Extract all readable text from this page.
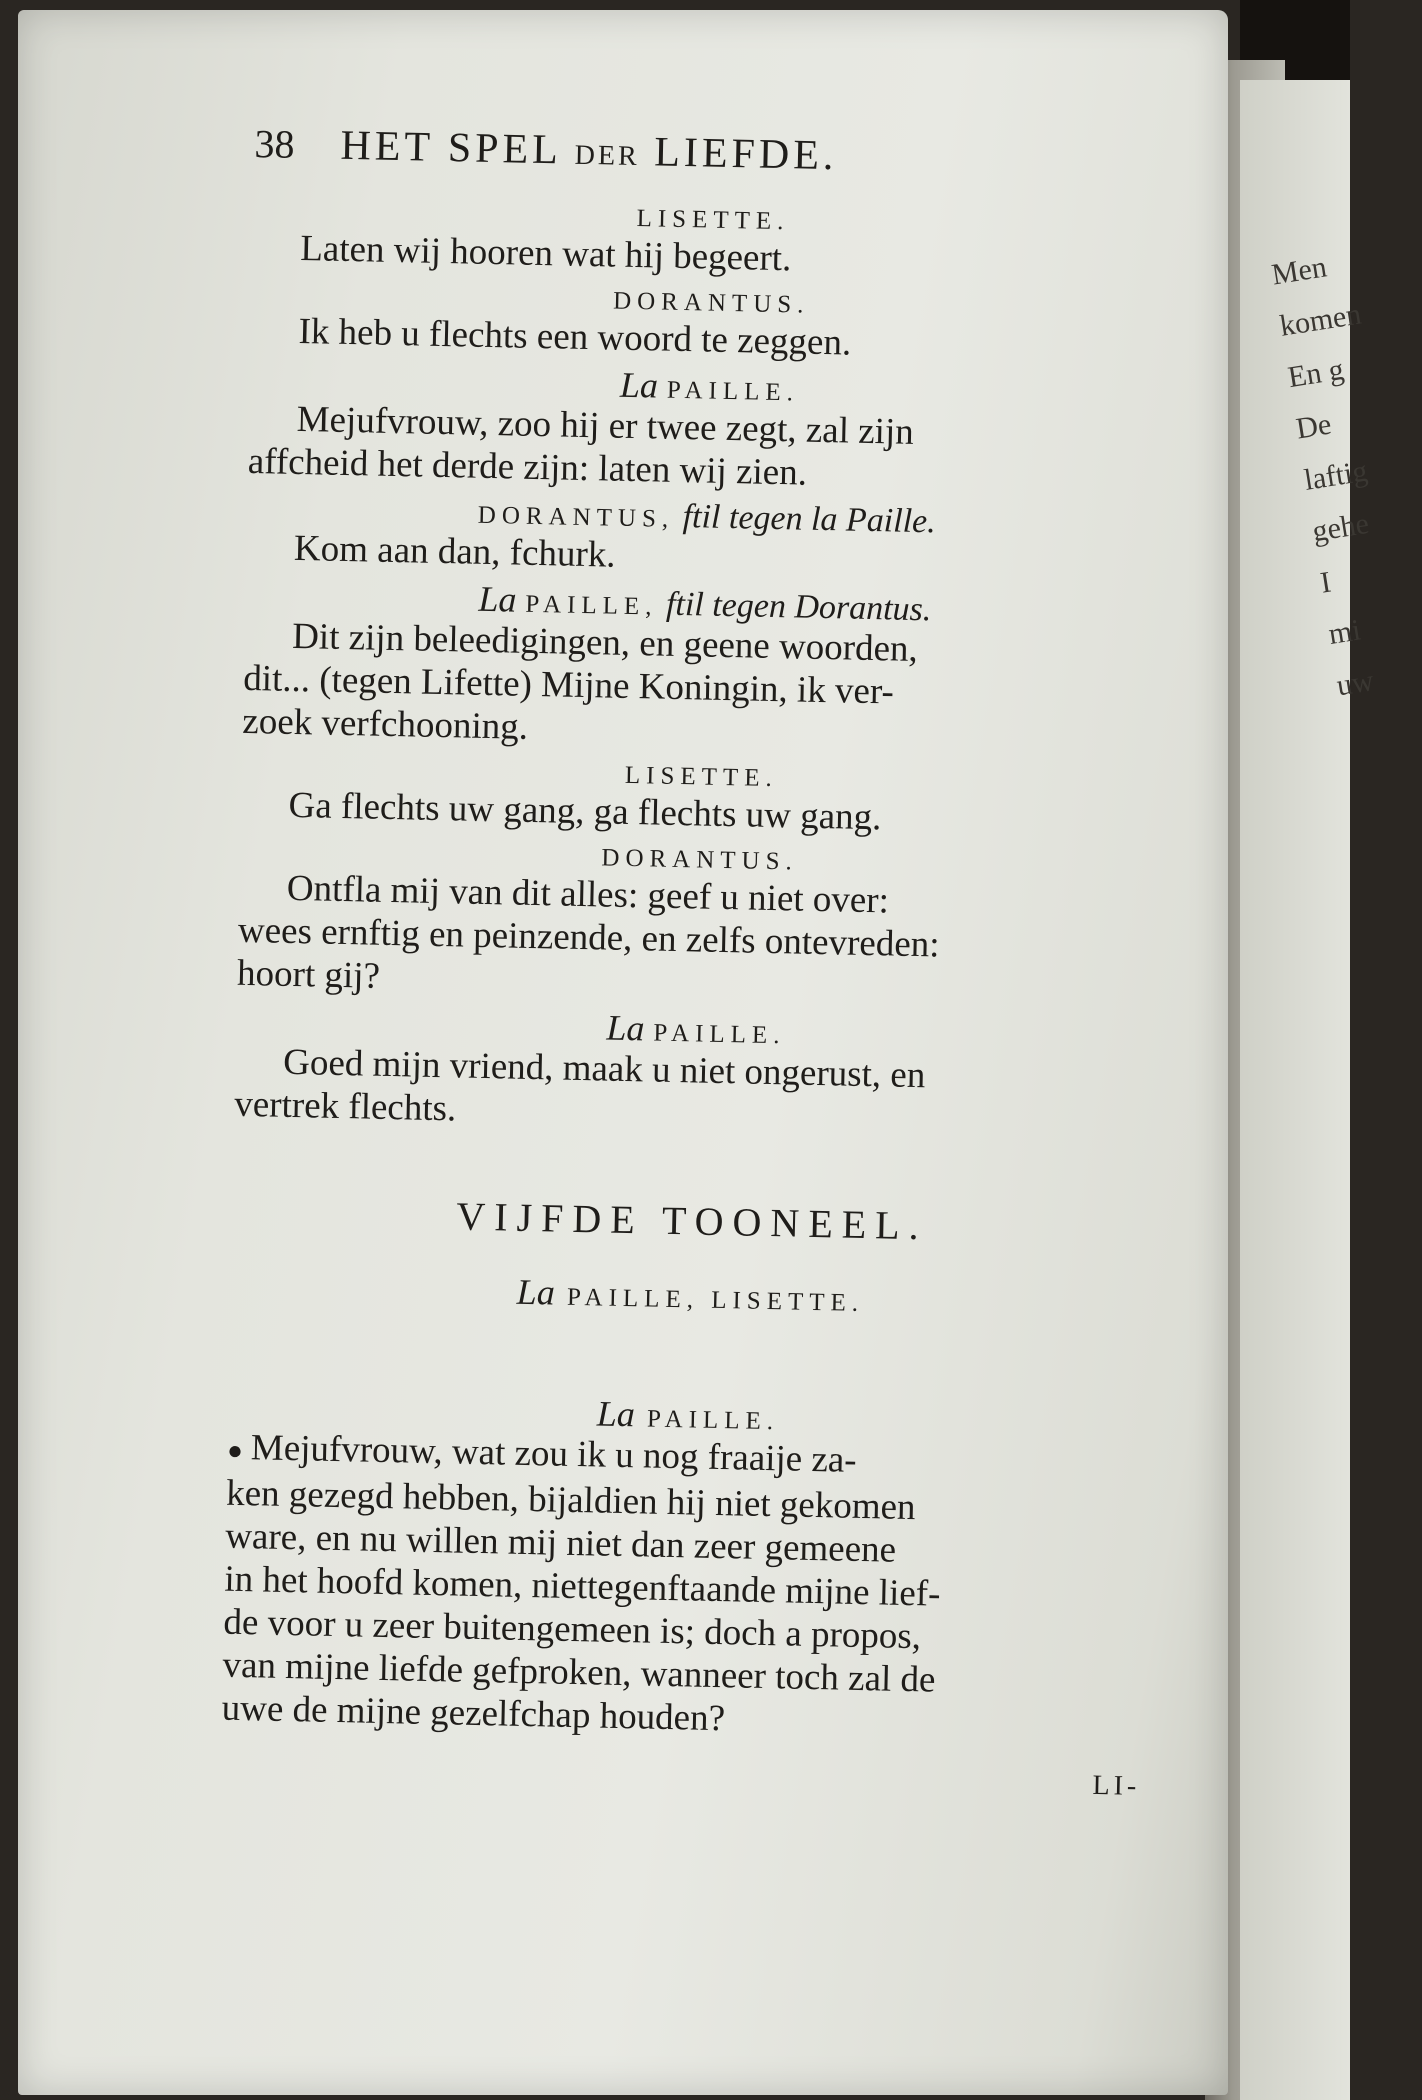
Men
komen
En g
De
laftig
gehe
I
mi
uw
38 HET SPEL DER LIEFDE.

LISETTE.

Laten wij hooren wat hij begeert.

DORANTUS.

Ik heb u flechts een woord te zeggen.

La PAILLE.

Mejufvrouw, zoo hij er twee zegt, zal zijn

affcheid het derde zijn: laten wij zien.

DORANTUS, ftil tegen la Paille.

Kom aan dan, fchurk.

La PAILLE, ftil tegen Dorantus.

Dit zijn beleedigingen, en geene woorden,

dit... (tegen Lifette) Mijne Koningin, ik ver-

zoek verfchooning.

LISETTE.

Ga flechts uw gang, ga flechts uw gang.

DORANTUS.

Ontfla mij van dit alles: geef u niet over:

wees ernftig en peinzende, en zelfs ontevreden:

hoort gij?

La PAILLE.

Goed mijn vriend, maak u niet ongerust, en

vertrek flechts.

VIJFDE TOONEEL.
La PAILLE, LISETTE.

La PAILLE.

● Mejufvrouw, wat zou ik u nog fraaije za-

ken gezegd hebben, bijaldien hij niet gekomen

ware, en nu willen mij niet dan zeer gemeene

in het hoofd komen, niettegenftaande mijne lief-

de voor u zeer buitengemeen is; doch a propos,

van mijne liefde gefproken, wanneer toch zal de

uwe de mijne gezelfchap houden?

LI-
